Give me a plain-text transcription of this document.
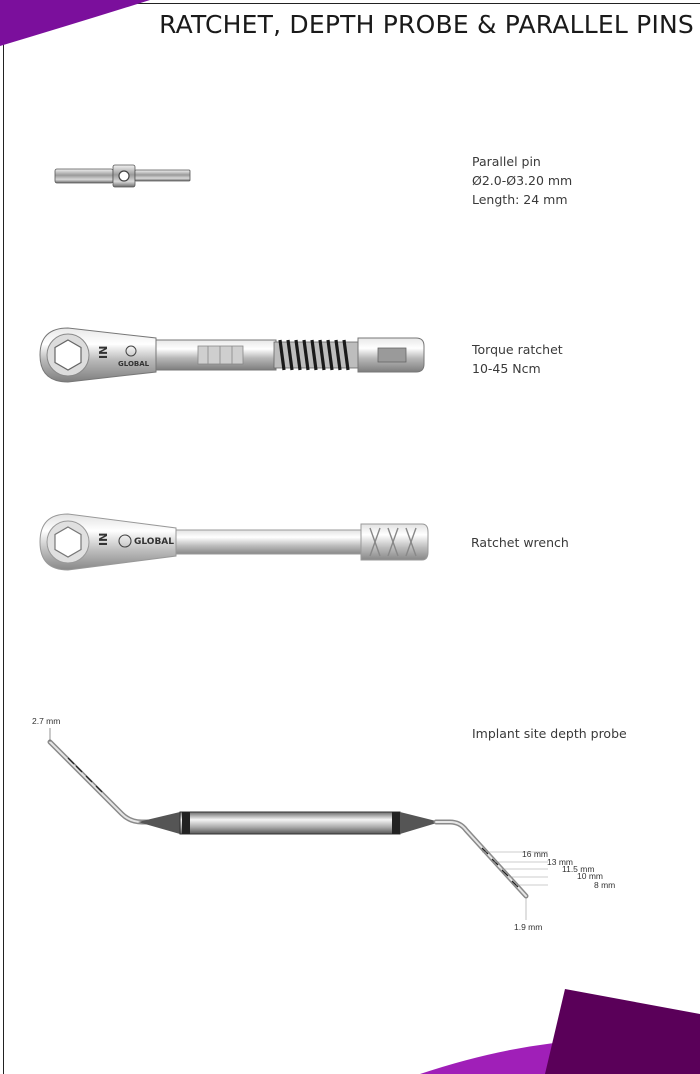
RATCHET, DEPTH PROBE & PARALLEL PINS
Parallel pin
Ø2.0-Ø3.20 mm
Length: 24 mm
IN
GLOBAL
Torque ratchet
10-45 Ncm
IN	GLOBAL	Ratchet wrench
2.7 mm
16 mm
13 mm
11.5 mm
10 mm
8 mm
1.9 mm
Implant site depth probe
